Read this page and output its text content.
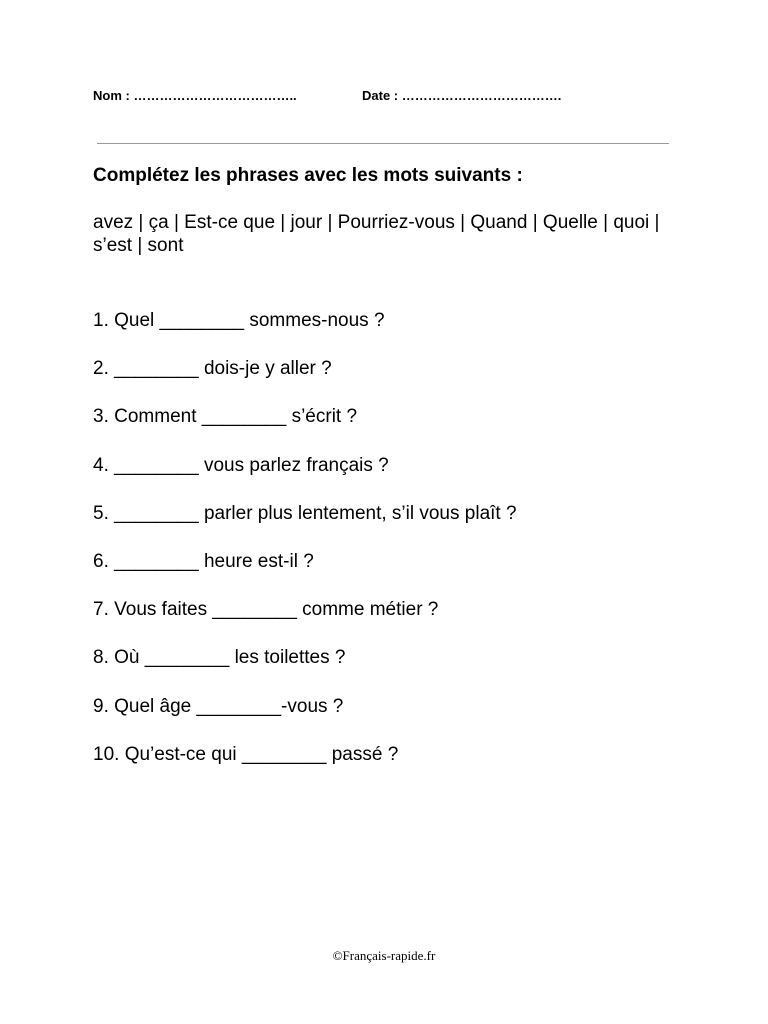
Nom : ………………………………..	Date : ……………………………….
Complétez les phrases avec les mots suivants :
avez | ça | Est-ce que | jour | Pourriez-vous | Quand | Quelle | quoi | s’est | sont
1. Quel ________ sommes-nous ?
2. ________ dois-je y aller ?
3. Comment ________ s’écrit ?
4. ________ vous parlez français ?
5. ________ parler plus lentement, s’il vous plaît ?
6. ________ heure est-il ?
7. Vous faites ________ comme métier ?
8. Où ________ les toilettes ?
9. Quel âge ________-vous ?
10. Qu’est-ce qui ________ passé ?
©Français-rapide.fr
